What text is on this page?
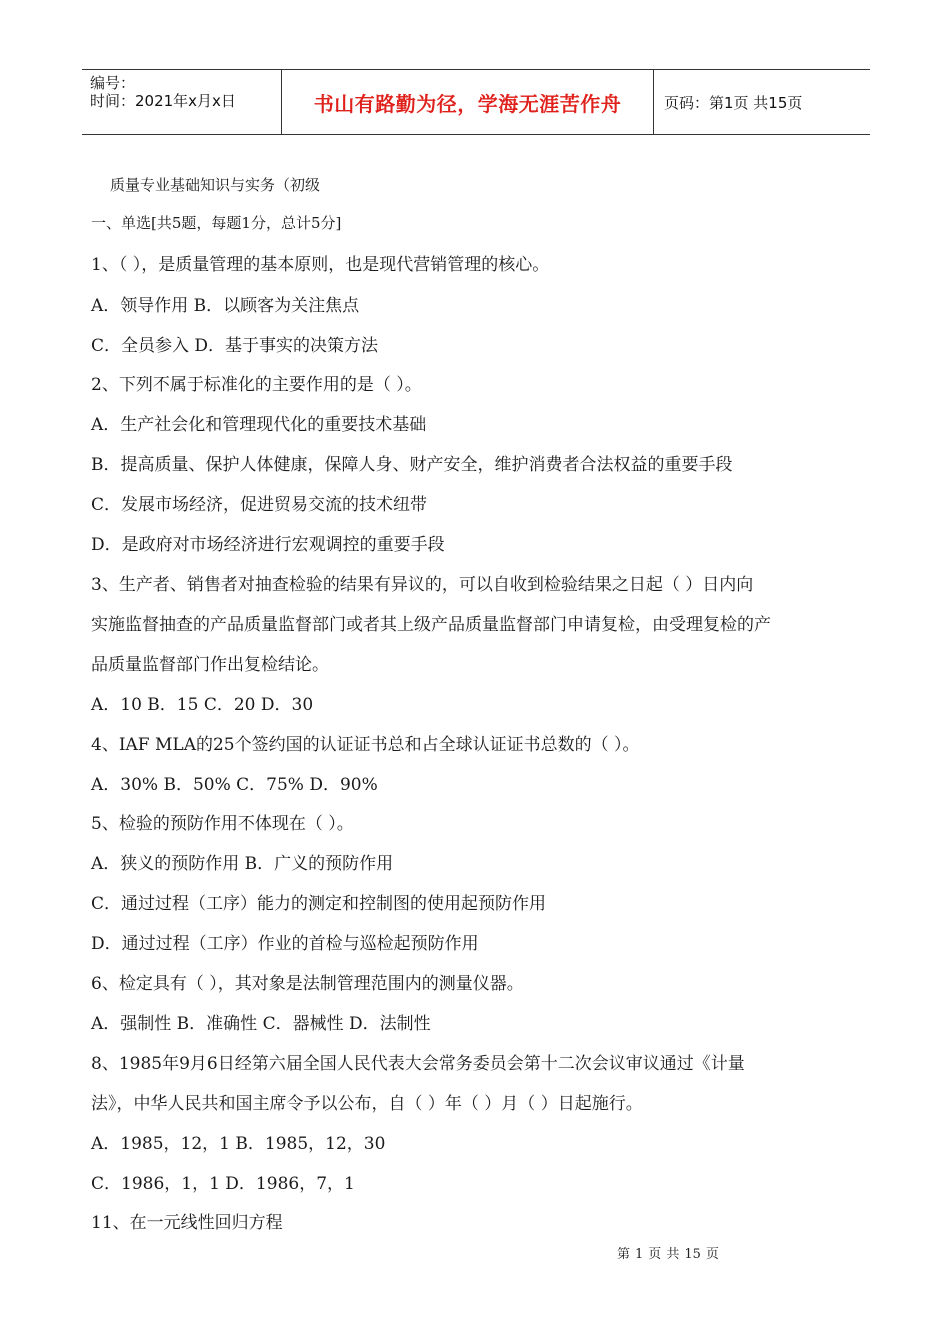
编号：
时间：2021年x月x日	书山有路勤为径，学海无涯苦作舟	页码：第1页 共15页
质量专业基础知识与实务（初级
一、单选[共5题，每题1分，总计5分]
1、（ ），是质量管理的基本原则，也是现代营销管理的核心。
A．领导作用 B．以顾客为关注焦点
C．全员参入 D．基于事实的决策方法
2、下列不属于标准化的主要作用的是（ ）。
A．生产社会化和管理现代化的重要技术基础
B．提高质量、保护人体健康，保障人身、财产安全，维护消费者合法权益的重要手段
C．发展市场经济，促进贸易交流的技术纽带
D．是政府对市场经济进行宏观调控的重要手段
3、生产者、销售者对抽查检验的结果有异议的，可以自收到检验结果之日起（ ）日内向
实施监督抽查的产品质量监督部门或者其上级产品质量监督部门申请复检，由受理复检的产
品质量监督部门作出复检结论。
A．10 B．15 C．20 D．30
4、IAF MLA的25个签约国的认证证书总和占全球认证证书总数的（ ）。
A．30% B．50% C．75% D．90%
5、检验的预防作用不体现在（ ）。
A．狭义的预防作用 B．广义的预防作用
C．通过过程（工序）能力的测定和控制图的使用起预防作用
D．通过过程（工序）作业的首检与巡检起预防作用
6、检定具有（ ），其对象是法制管理范围内的测量仪器。
A．强制性 B．准确性 C．器械性 D．法制性
8、1985年9月6日经第六届全国人民代表大会常务委员会第十二次会议审议通过《计量
法》，中华人民共和国主席令予以公布，自（ ）年（ ）月（ ）日起施行。
A．1985，12，1 B．1985，12，30
C．1986，1，1 D．1986，7，1
11、在一元线性回归方程
第 1 页 共 15 页
